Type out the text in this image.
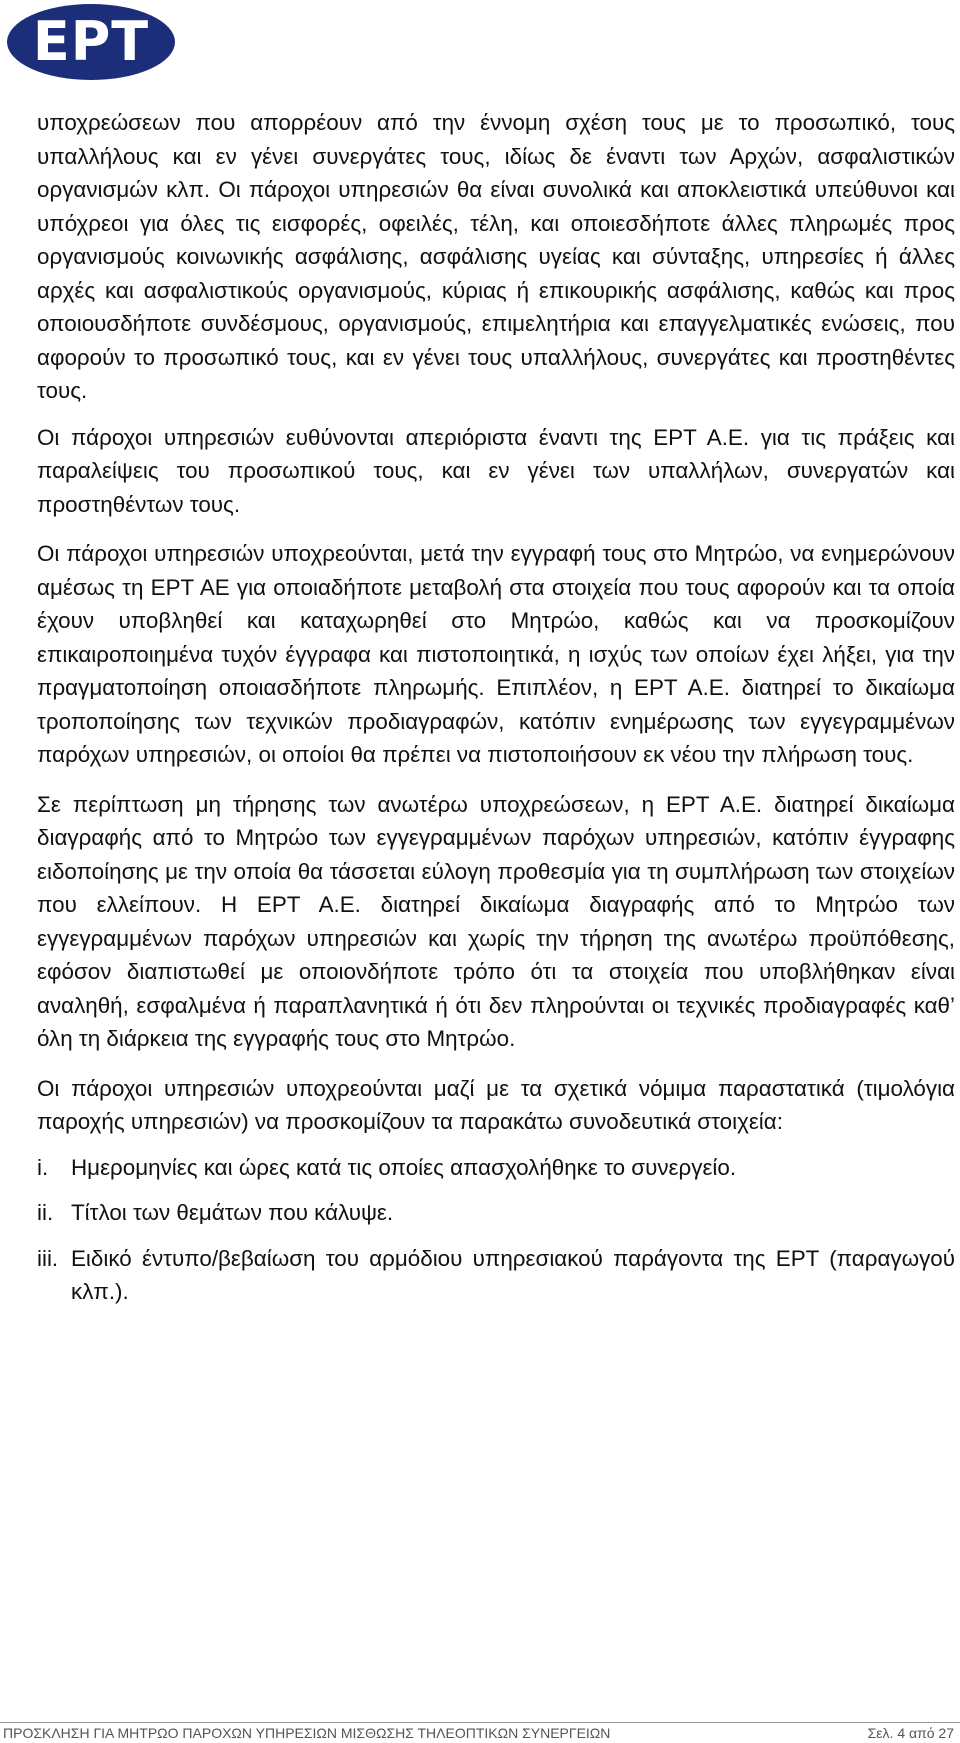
ΕΡΤ

υποχρεώσεων που απορρέουν από την έννομη σχέση τους με το προσωπικό, τους υπαλλήλους και εν γένει συνεργάτες τους, ιδίως δε έναντι των Αρχών, ασφαλιστικών οργανισμών κλπ. Οι πάροχοι υπηρεσιών θα είναι συνολικά και αποκλειστικά υπεύθυνοι και υπόχρεοι για όλες τις εισφορές, οφειλές, τέλη, και οποιεσδήποτε άλλες πληρωμές προς οργανισμούς κοινωνικής ασφάλισης, ασφάλισης υγείας και σύνταξης, υπηρεσίες ή άλλες αρχές και ασφαλιστικούς οργανισμούς, κύριας ή επικουρικής ασφάλισης, καθώς και προς οποιουσδήποτε συνδέσμους, οργανισμούς, επιμελητήρια και επαγγελματικές ενώσεις, που αφορούν το προσωπικό τους, και εν γένει τους υπαλλήλους, συνεργάτες και προστηθέντες τους.

Οι πάροχοι υπηρεσιών ευθύνονται απεριόριστα έναντι της ΕΡΤ Α.Ε. για τις πράξεις και παραλείψεις του προσωπικού τους, και εν γένει των υπαλλήλων, συνεργατών και προστηθέντων τους.

Οι πάροχοι υπηρεσιών υποχρεούνται, μετά την εγγραφή τους στο Μητρώο, να ενημερώνουν αμέσως τη ΕΡΤ ΑΕ για οποιαδήποτε μεταβολή στα στοιχεία που τους αφορούν και τα οποία έχουν υποβληθεί και καταχωρηθεί στο Μητρώο, καθώς και να προσκομίζουν επικαιροποιημένα τυχόν έγγραφα και πιστοποιητικά, η ισχύς των οποίων έχει λήξει, για την πραγματοποίηση οποιασδήποτε πληρωμής. Επιπλέον, η ΕΡΤ Α.Ε. διατηρεί το δικαίωμα τροποποίησης των τεχνικών προδιαγραφών, κατόπιν ενημέρωσης των εγγεγραμμένων παρόχων υπηρεσιών, οι οποίοι θα πρέπει να πιστοποιήσουν εκ νέου την πλήρωση τους.

Σε περίπτωση μη τήρησης των ανωτέρω υποχρεώσεων, η ΕΡΤ Α.Ε. διατηρεί δικαίωμα διαγραφής από το Μητρώο των εγγεγραμμένων παρόχων υπηρεσιών, κατόπιν έγγραφης ειδοποίησης με την οποία θα τάσσεται εύλογη προθεσμία για τη συμπλήρωση των στοιχείων που ελλείπουν. Η ΕΡΤ Α.Ε. διατηρεί δικαίωμα διαγραφής από το Μητρώο των εγγεγραμμένων παρόχων υπηρεσιών και χωρίς την τήρηση της ανωτέρω προϋπόθεσης, εφόσον διαπιστωθεί με οποιονδήποτε τρόπο ότι τα στοιχεία που υποβλήθηκαν είναι αναληθή, εσφαλμένα ή παραπλανητικά ή ότι δεν πληρούνται οι τεχνικές προδιαγραφές καθ’ όλη τη διάρκεια της εγγραφής τους στο Μητρώο.

Οι πάροχοι υπηρεσιών υποχρεούνται μαζί με τα σχετικά νόμιμα παραστατικά (τιμολόγια παροχής υπηρεσιών) να προσκομίζουν τα παρακάτω συνοδευτικά στοιχεία:

i.	Ημερομηνίες και ώρες κατά τις οποίες απασχολήθηκε το συνεργείο.
ii. Τίτλοι των θεμάτων που κάλυψε.
iii. Ειδικό έντυπο/βεβαίωση του αρμόδιου υπηρεσιακού παράγοντα της ΕΡΤ (παραγωγού κλπ.).
ΠΡΟΣΚΛΗΣΗ ΓΙΑ ΜΗΤΡΩΟ ΠΑΡΟΧΩΝ ΥΠΗΡΕΣΙΩΝ ΜΙΣΘΩΣΗΣ ΤΗΛΕΟΠΤΙΚΩΝ ΣΥΝΕΡΓΕΙΩΝ	Σελ. 4 από 27
